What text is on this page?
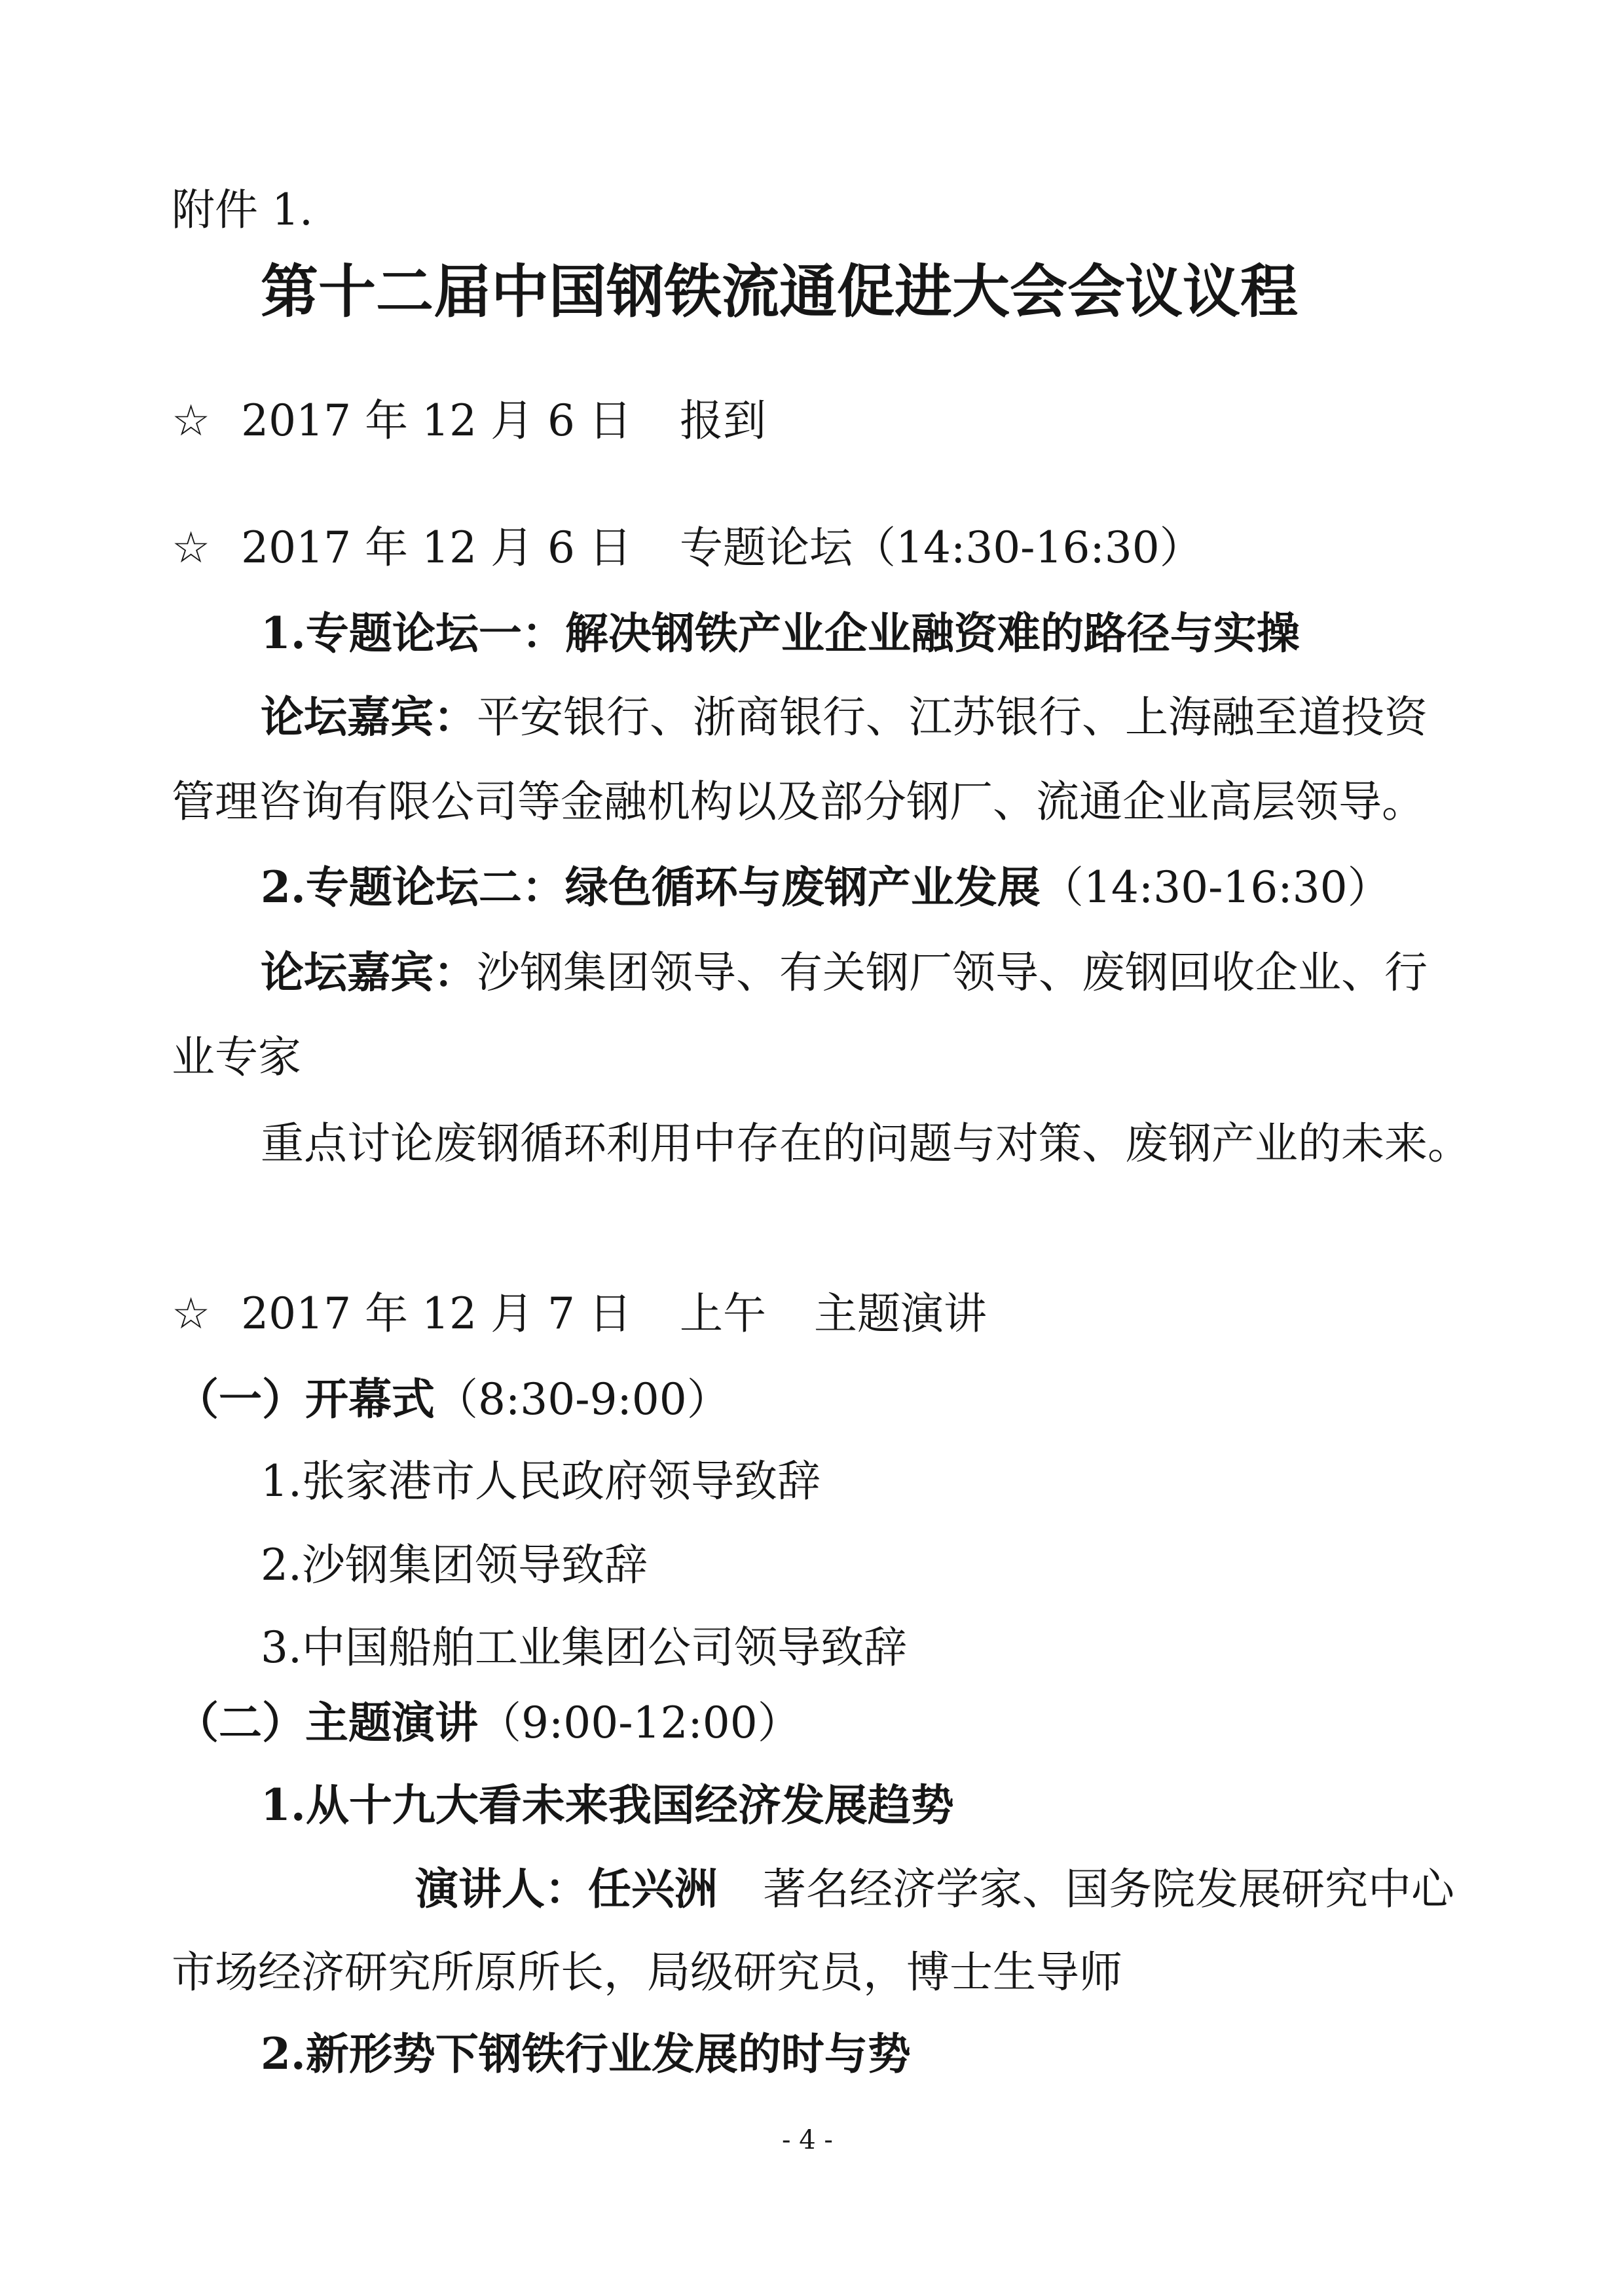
附件 1.
第十二届中国钢铁流通促进大会会议议程
☆ 2017 年 12 月 6 日 报到
☆ 2017 年 12 月 6 日 专题论坛（14:30-16:30）
1.专题论坛一：解决钢铁产业企业融资难的路径与实操
论坛嘉宾：平安银行、浙商银行、江苏银行、上海融至道投资
管理咨询有限公司等金融机构以及部分钢厂、流通企业高层领导。
2.专题论坛二：绿色循环与废钢产业发展（14:30-16:30）
论坛嘉宾：沙钢集团领导、有关钢厂领导、废钢回收企业、行
业专家
重点讨论废钢循环利用中存在的问题与对策、废钢产业的未来。
☆ 2017 年 12 月 7 日 上午 主题演讲
（一）开幕式（8:30-9:00）
1.张家港市人民政府领导致辞
2.沙钢集团领导致辞
3.中国船舶工业集团公司领导致辞
（二）主题演讲（9:00-12:00）
1.从十九大看未来我国经济发展趋势
演讲人：任兴洲 著名经济学家、国务院发展研究中心
市场经济研究所原所长，局级研究员，博士生导师
2.新形势下钢铁行业发展的时与势
- 4 -
